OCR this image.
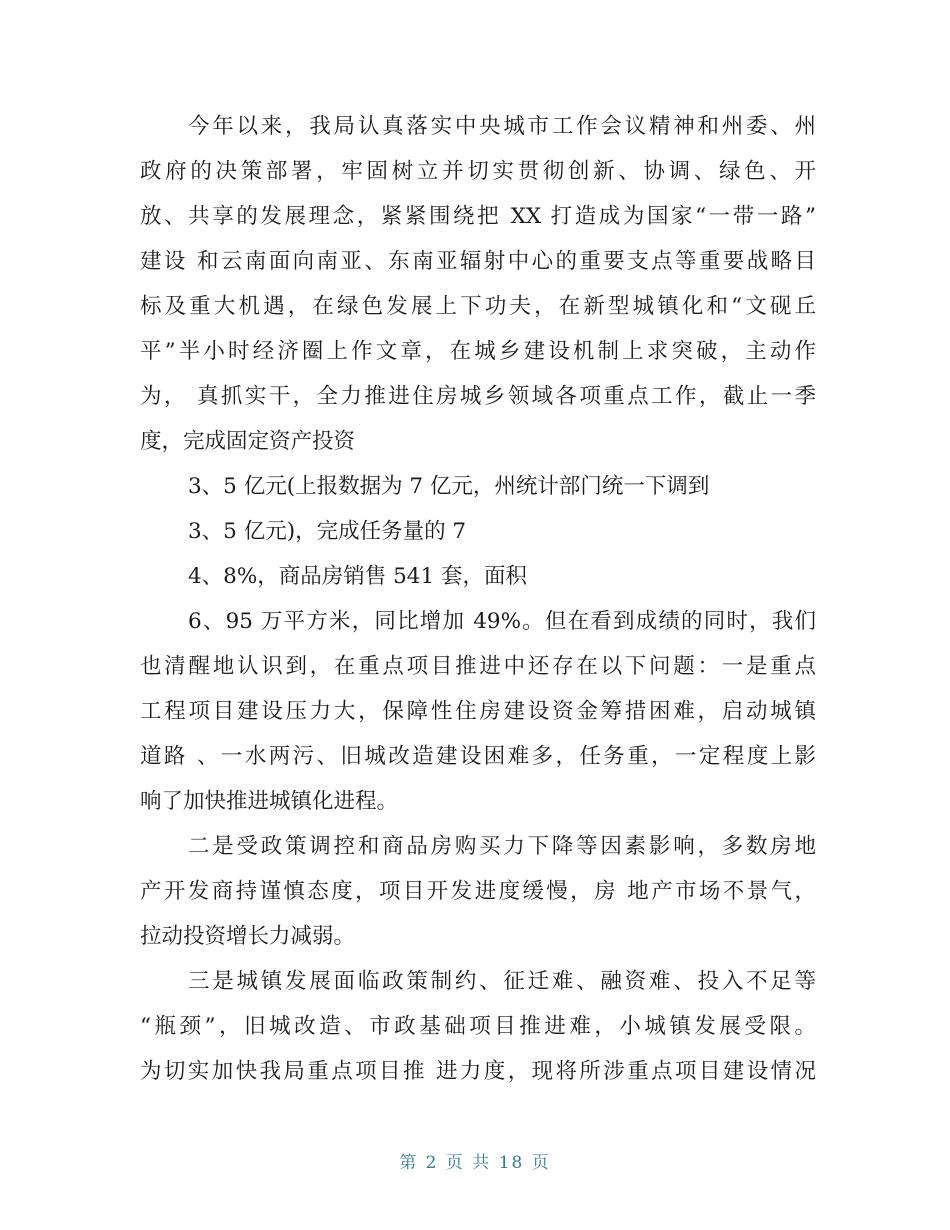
今年以来，我局认真落实中央城市工作会议精神和州委、州
政府的决策部署，牢固树立并切实贯彻创新、协调、绿色、开
放、共享的发展理念，紧紧围绕把 XX 打造成为国家“一带一路”
建设 和云南面向南亚、东南亚辐射中心的重要支点等重要战略目
标及重大机遇，在绿色发展上下功夫，在新型城镇化和“文砚丘
平”半小时经济圈上作文章，在城乡建设机制上求突破，主动作
为， 真抓实干，全力推进住房城乡领域各项重点工作，截止一季
度，完成固定资产投资
3、5 亿元(上报数据为 7 亿元，州统计部门统一下调到
3、5 亿元)，完成任务量的 7
4、8%，商品房销售 541 套，面积
6、95 万平方米，同比增加 49%。但在看到成绩的同时，我们
也清醒地认识到，在重点项目推进中还存在以下问题：一是重点
工程项目建设压力大，保障性住房建设资金筹措困难，启动城镇
道路 、一水两污、旧城改造建设困难多，任务重，一定程度上影
响了加快推进城镇化进程。
二是受政策调控和商品房购买力下降等因素影响，多数房地
产开发商持谨慎态度，项目开发进度缓慢，房 地产市场不景气，
拉动投资增长力减弱。
三是城镇发展面临政策制约、征迁难、融资难、投入不足等
“瓶颈”，旧城改造、市政基础项目推进难，小城镇发展受限。
为切实加快我局重点项目推 进力度，现将所涉重点项目建设情况
第 2 页 共 18 页
